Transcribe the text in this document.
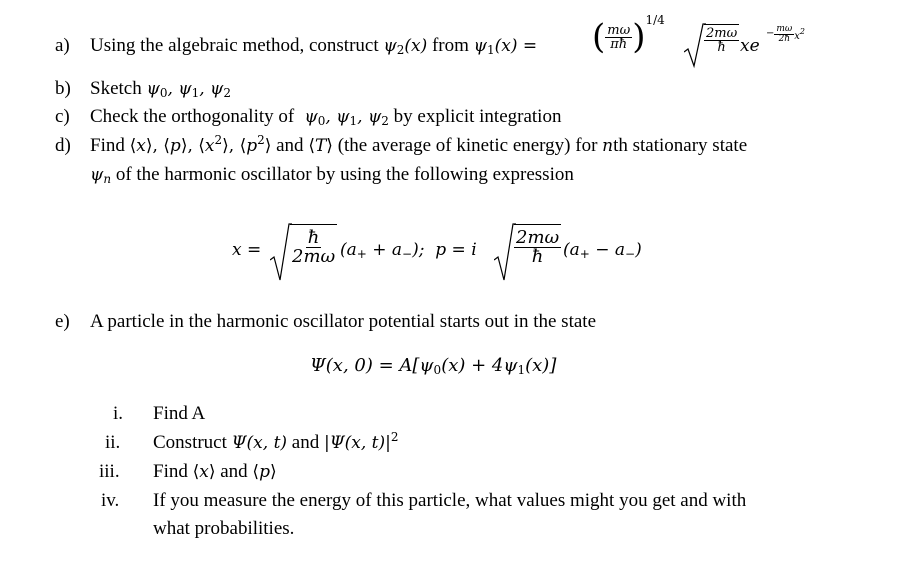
a) Using the algebraic method, construct $\psi_2(x)$ from $\psi_1(x)$ = ( $\frac{m\omega}{\pi ħ} )^{1/4}$
$\frac{2m\omega}{ħ}$ xe
− $\frac{m\omega}{2ħ} x^2$
b) Sketch $\psi_0$, $\psi_1$, $\psi_2$
c) Check the orthogonality of  $\psi_0$, $\psi_1$, $\psi_2$ by explicit integration
d) Find ⟨x⟩, ⟨p⟩, $⟨x^2⟩$, $⟨p^2⟩$ and ⟨T⟩ (the average of kinetic energy) for nth stationary state
$\psi_n$ of the harmonic oscillator by using the following expression
$x = \frac{ħ}{2m\omega} (a_+ + a_-)$;  p = i $\frac{2m\omega}{ħ} (a_+ - a_-)$
e) A particle in the harmonic oscillator potential starts out in the state
Ψ(x, $0) = A[\psi_0(x) + 4\psi_1(x)]$
i. Find A
ii. Construct Ψ(x, t) and |Ψ(x, $t)|^2$
iii. Find ⟨x⟩ and ⟨p⟩
iv. If you measure the energy of this particle, what values might you get and with
what probabilities.
